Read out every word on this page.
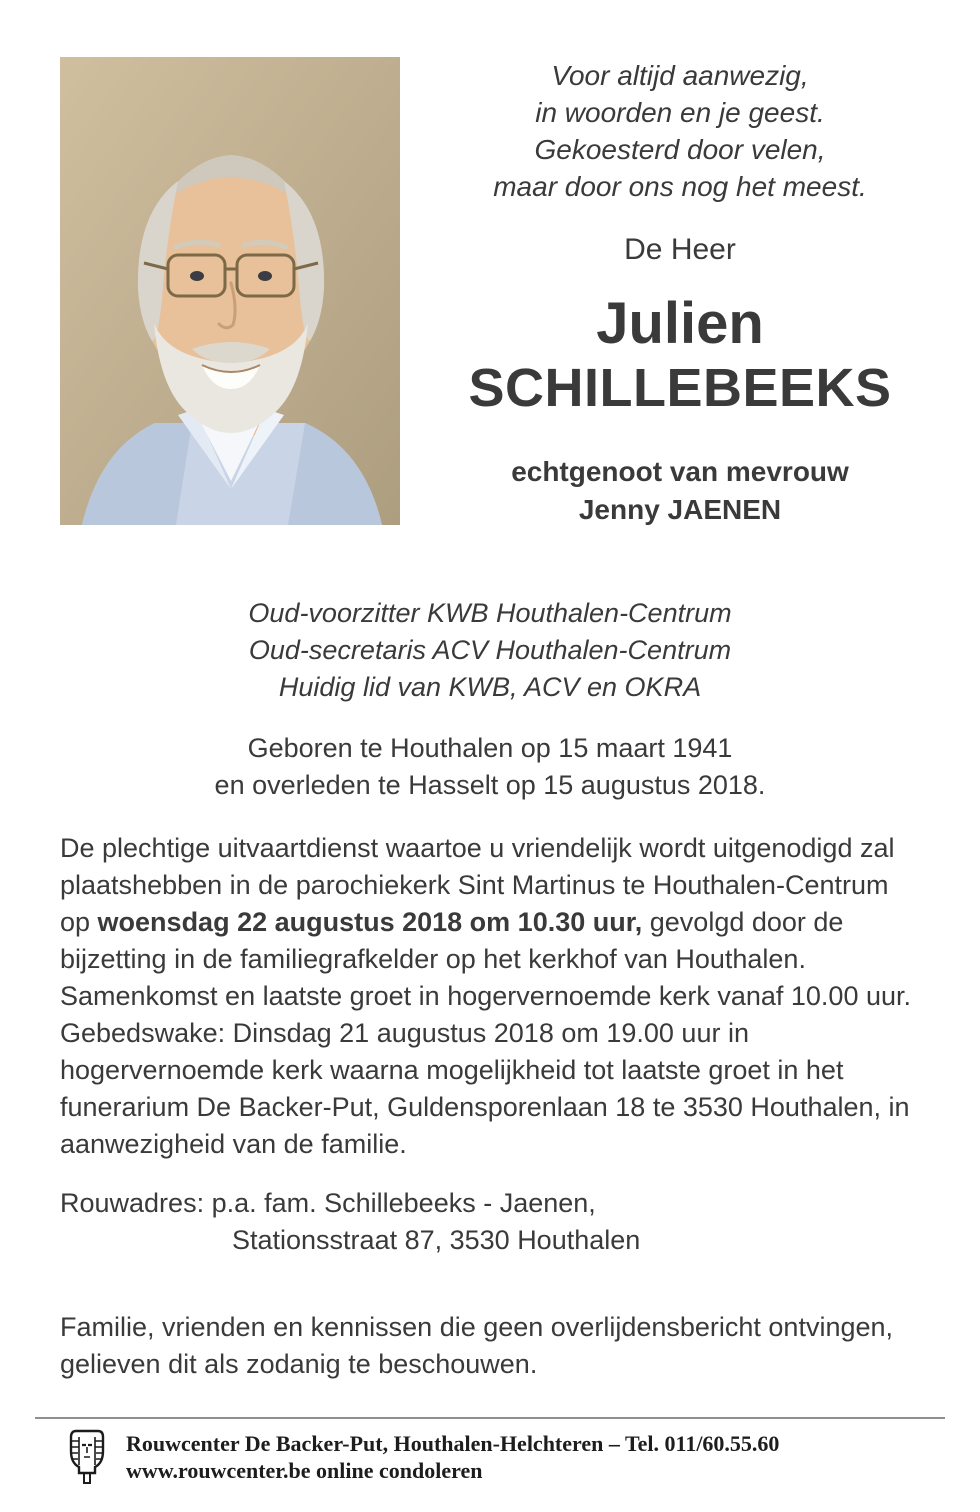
Voor altijd aanwezig,
in woorden en je geest.
Gekoesterd door velen,
maar door ons nog het meest.
De Heer
Julien
SCHILLEBEEKS
echtgenoot van mevrouw
Jenny JAENEN
Oud-voorzitter KWB Houthalen-Centrum
Oud-secretaris ACV Houthalen-Centrum
Huidig lid van KWB, ACV en OKRA
Geboren te Houthalen op 15 maart 1941
en overleden te Hasselt op 15 augustus 2018.

De plechtige uitvaartdienst waartoe u vriendelijk wordt uitgenodigd zal plaatshebben in de parochiekerk Sint Martinus te Houthalen-Centrum op woensdag 22 augustus 2018 om 10.30 uur, gevolgd door de bijzetting in de familiegrafkelder op het kerkhof van Houthalen.

Samenkomst en laatste groet in hogervernoemde kerk vanaf 10.00 uur.

Gebedswake: Dinsdag 21 augustus 2018 om 19.00 uur in hogervernoemde kerk waarna mogelijkheid tot laatste groet in het funerarium De Backer-Put, Guldensporenlaan 18 te 3530 Houthalen, in aanwezigheid van de familie.

Rouwadres: p.a. fam. Schillebeeks - Jaenen,
Stationsstraat 87, 3530 Houthalen
Familie, vrienden en kennissen die geen overlijdensbericht ontvingen, gelieven dit als zodanig te beschouwen.
Rouwcenter De Backer-Put, Houthalen-Helchteren – Tel. 011/60.55.60
www.rouwcenter.be online condoleren
